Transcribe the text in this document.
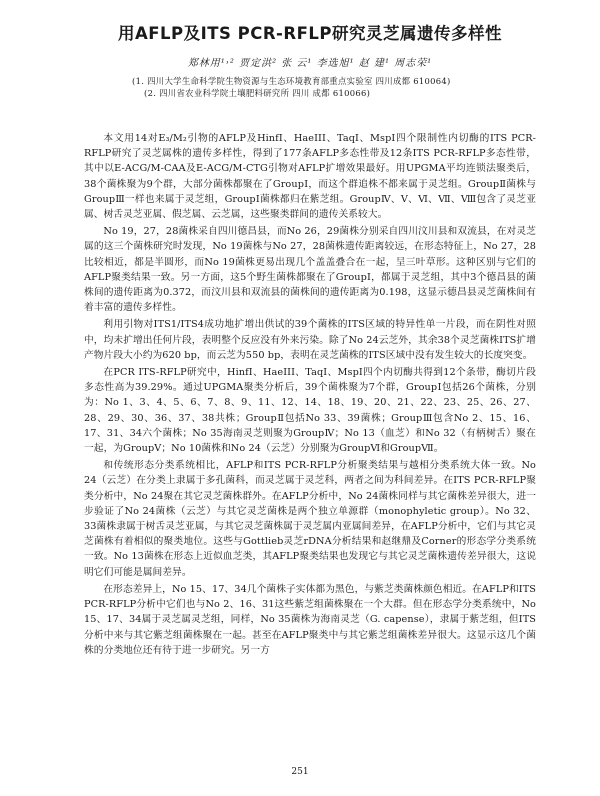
用AFLP及ITS PCR-RFLP研究灵芝属遗传多样性

郑林用¹˒² 贾定洪² 张 云¹ 李选旭¹ 赵 建¹ 周志荣¹

(1. 四川大学生命科学院生物资源与生态环境教育部重点实验室 四川成都 610064)

(2. 四川省农业科学院土壤肥料研究所 四川 成都 610066)

本文用14对E₃/M₂引物的AFLP及HinfI、HaeIII、TaqI、MspI四个限制性内切酶的ITS PCR-RFLP研究了灵芝属株的遗传多样性，得到了177条AFLP多态性带及12条ITS PCR-RFLP多态性带，其中以E-ACG/M-CAA及E-ACG/M-CTG引物对AFLP扩增效果最好。用UPGMA平均连锁法聚类后，38个菌株聚为9个群，大部分菌株都聚在了GroupⅠ，而这个群追株不都来属于灵芝组。GroupⅡ菌株与GroupⅢ一样也来属于灵芝组，GroupⅠ菌株都归在紫芝组。GroupⅣ、Ⅴ、Ⅵ、Ⅶ、Ⅷ包含了灵芝亚属、树舌灵芝亚属、假芝属、云芝属，这些聚类群间的遗传关系较大。

No 19，27，28菌株采自四川德昌县，而No 26，29菌株分别采自四川汶川县和双流县，在对灵芝属的这三个菌株研究时发现，No 19菌株与No 27，28菌株遗传距离较远，在形态特征上，No 27，28比较相近，都是半圆形，而No 19菌株更易出现几个盖盖叠合在一起，呈三叶草形。这种区别与它们的AFLP聚类结果一致。另一方面，这5个野生菌株都聚在了GroupⅠ，都属于灵芝组，其中3个德昌县的菌株间的遗传距离为0.372，而汶川县和双流县的菌株间的遗传距离为0.198，这显示德昌县灵芝菌株间有着丰富的遗传多样性。

利用引物对ITS1/ITS4成功地扩增出供试的39个菌株的ITS区域的特异性单一片段，而在阴性对照中，均未扩增出任何片段，表明整个反应没有外来污染。除了No 24云芝外，其余38个灵芝菌株ITS扩增产物片段大小约为620 bp，而云芝为550 bp，表明在灵芝菌株的ITS区域中没有发生较大的长度突变。

在PCR ITS-RFLP研究中，HinfI、HaeIII、TaqI、MspI四个内切酶共得到12个条带，酶切片段多态性高为39.29%。通过UPGMA聚类分析后，39个菌株聚为7个群，GroupⅠ包括26个菌株，分别为：No 1、3、4、5、6、7、8、9、11、12、14、18、19、20、21、22、23、25、26、27、28、29、30、36、37、38共株；GroupⅡ包括No 33、39菌株；GroupⅢ包含No 2、15、16、17、31、34六个菌株；No 35海南灵芝则聚为GroupⅣ；No 13（血芝）和No 32（有柄树舌）聚在一起，为GroupⅤ；No 10菌株和No 24（云芝）分别聚为GroupⅥ和GroupⅦ。

和传统形态分类系统相比，AFLP和ITS PCR-RFLP分析聚类结果与越相分类系统大体一致。No 24（云芝）在分类上隶属于多孔菌科，而灵芝属于灵芝科，两者之间为科间差异。在ITS PCR-RFLP聚类分析中，No 24聚在其它灵芝菌株群外。在AFLP分析中，No 24菌株同样与其它菌株差异很大，进一步验证了No 24菌株（云芝）与其它灵芝菌株是两个独立单源群（monophyletic group）。No 32、33菌株隶属于树舌灵芝亚属，与其它灵芝菌株属于灵芝属内亚属间差异，在AFLP分析中，它们与其它灵芝菌株有着相似的聚类地位。这些与Gottlieb灵芝rDNA分析结果和赵继鼎及Corner的形态学分类系统一致。No 13菌株在形态上近似血芝类，其AFLP聚类结果也发现它与其它灵芝菌株遗传差异很大，这说明它们可能是属间差异。

在形态差异上，No 15、17、34几个菌株子实体都为黑色，与紫芝类菌株颜色相近。在AFLP和ITS PCR-RFLP分析中它们也与No 2、16、31这些紫芝组菌株聚在一个大群。但在形态学分类系统中，No 15、17、34属于灵芝属灵芝组，同样，No 35菌株为海南灵芝（G. capense），隶属于紫芝组，但ITS分析中来与其它紫芝组菌株聚在一起。甚至在AFLP聚类中与其它紫芝组菌株差异很大。这显示这几个菌株的分类地位还有待于进一步研究。另一方

251
